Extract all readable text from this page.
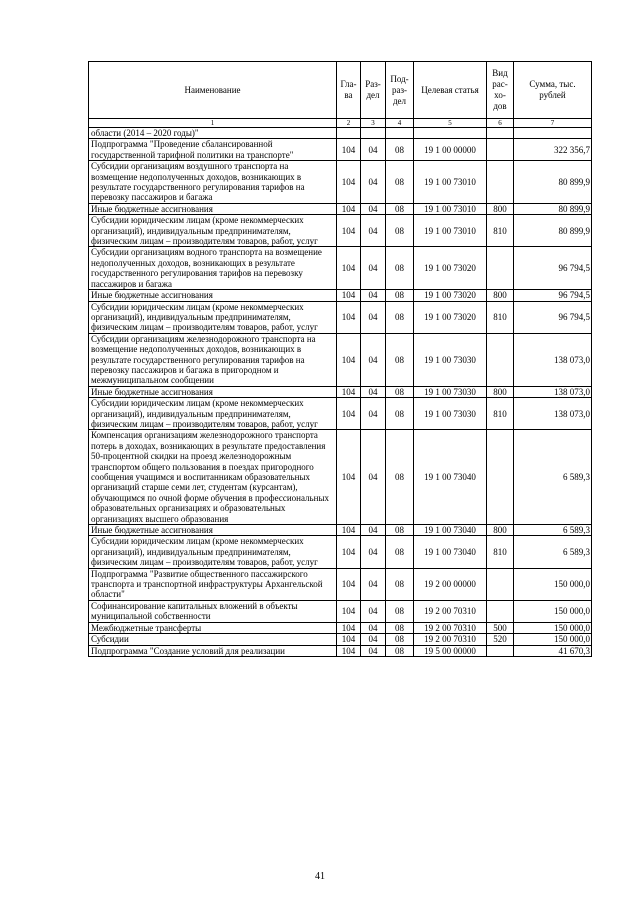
Наименование	Гла-ва	Раз-дел	Под-раз-дел	Целевая статья	Вид рас-хо-дов	Сумма, тыс. рублей
1	2	3	4	5	6	7
области (2014 – 2020 годы)"						
Подпрограмма "Проведение сбалансированной государственной тарифной политики на транспорте"	104	04	08	19 1 00 00000		322 356,7
Субсидии организациям воздушного транспорта на возмещение недополученных доходов, возникающих в результате государственного регулирования тарифов на перевозку пассажиров и багажа	104	04	08	19 1 00 73010		80 899,9
Иные бюджетные ассигнования	104	04	08	19 1 00 73010	800	80 899,9
Субсидии юридическим лицам (кроме некоммерческих организаций), индивидуальным предпринимателям, физическим лицам – производителям товаров, работ, услуг	104	04	08	19 1 00 73010	810	80 899,9
Субсидии организациям водного транспорта на возмещение недополученных доходов, возникающих в результате государственного регулирования тарифов на перевозку пассажиров и багажа	104	04	08	19 1 00 73020		96 794,5
Иные бюджетные ассигнования	104	04	08	19 1 00 73020	800	96 794,5
Субсидии юридическим лицам (кроме некоммерческих организаций), индивидуальным предпринимателям, физическим лицам – производителям товаров, работ, услуг	104	04	08	19 1 00 73020	810	96 794,5
Субсидии организациям железнодорожного транспорта на возмещение недополученных доходов, возникающих в результате государственного регулирования тарифов на перевозку пассажиров и багажа в пригородном и межмуниципальном сообщении	104	04	08	19 1 00 73030		138 073,0
Иные бюджетные ассигнования	104	04	08	19 1 00 73030	800	138 073,0
Субсидии юридическим лицам (кроме некоммерческих организаций), индивидуальным предпринимателям, физическим лицам – производителям товаров, работ, услуг	104	04	08	19 1 00 73030	810	138 073,0
Компенсация организациям железнодорожного транспорта потерь в доходах, возникающих в результате предоставления 50-процентной скидки на проезд железнодорожным транспортом общего пользования в поездах пригородного сообщения учащимся и воспитанникам образовательных организаций старше семи лет, студентам (курсантам), обучающимся по очной форме обучения в профессиональных образовательных организациях и образовательных организациях высшего образования	104	04	08	19 1 00 73040		6 589,3
Иные бюджетные ассигнования	104	04	08	19 1 00 73040	800	6 589,3
Субсидии юридическим лицам (кроме некоммерческих организаций), индивидуальным предпринимателям, физическим лицам – производителям товаров, работ, услуг	104	04	08	19 1 00 73040	810	6 589,3
Подпрограмма "Развитие общественного пассажирского транспорта и транспортной инфраструктуры Архангельской области"	104	04	08	19 2 00 00000		150 000,0
Софинансирование капитальных вложений в объекты муниципальной собственности	104	04	08	19 2 00 70310		150 000,0
Межбюджетные трансферты	104	04	08	19 2 00 70310	500	150 000,0
Субсидии	104	04	08	19 2 00 70310	520	150 000,0
Подпрограмма "Создание условий для реализации	104	04	08	19 5 00 00000		41 670,3
41
